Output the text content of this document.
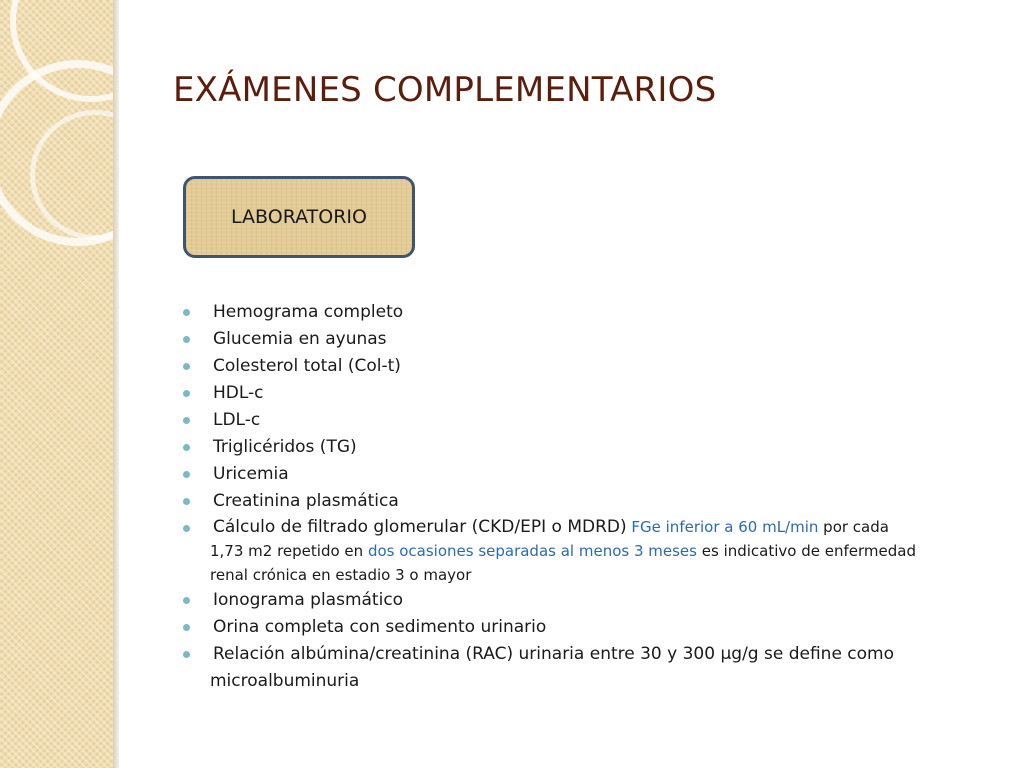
EXÁMENES COMPLEMENTARIOS
LABORATORIO
Hemograma completo
Glucemia en ayunas
Colesterol total (Col-t)
HDL-c
LDL-c
Triglicéridos (TG)
Uricemia
Creatinina plasmática
Cálculo de filtrado glomerular (CKD/EPI o MDRD) FGe inferior a 60 mL/min por cada
1,73 m2 repetido en dos ocasiones separadas al menos 3 meses es indicativo de enfermedad
renal crónica en estadio 3 o mayor
Ionograma plasmático
Orina completa con sedimento urinario
Relación albúmina/creatinina (RAC) urinaria entre 30 y 300 µg/g se define como
microalbuminuria
